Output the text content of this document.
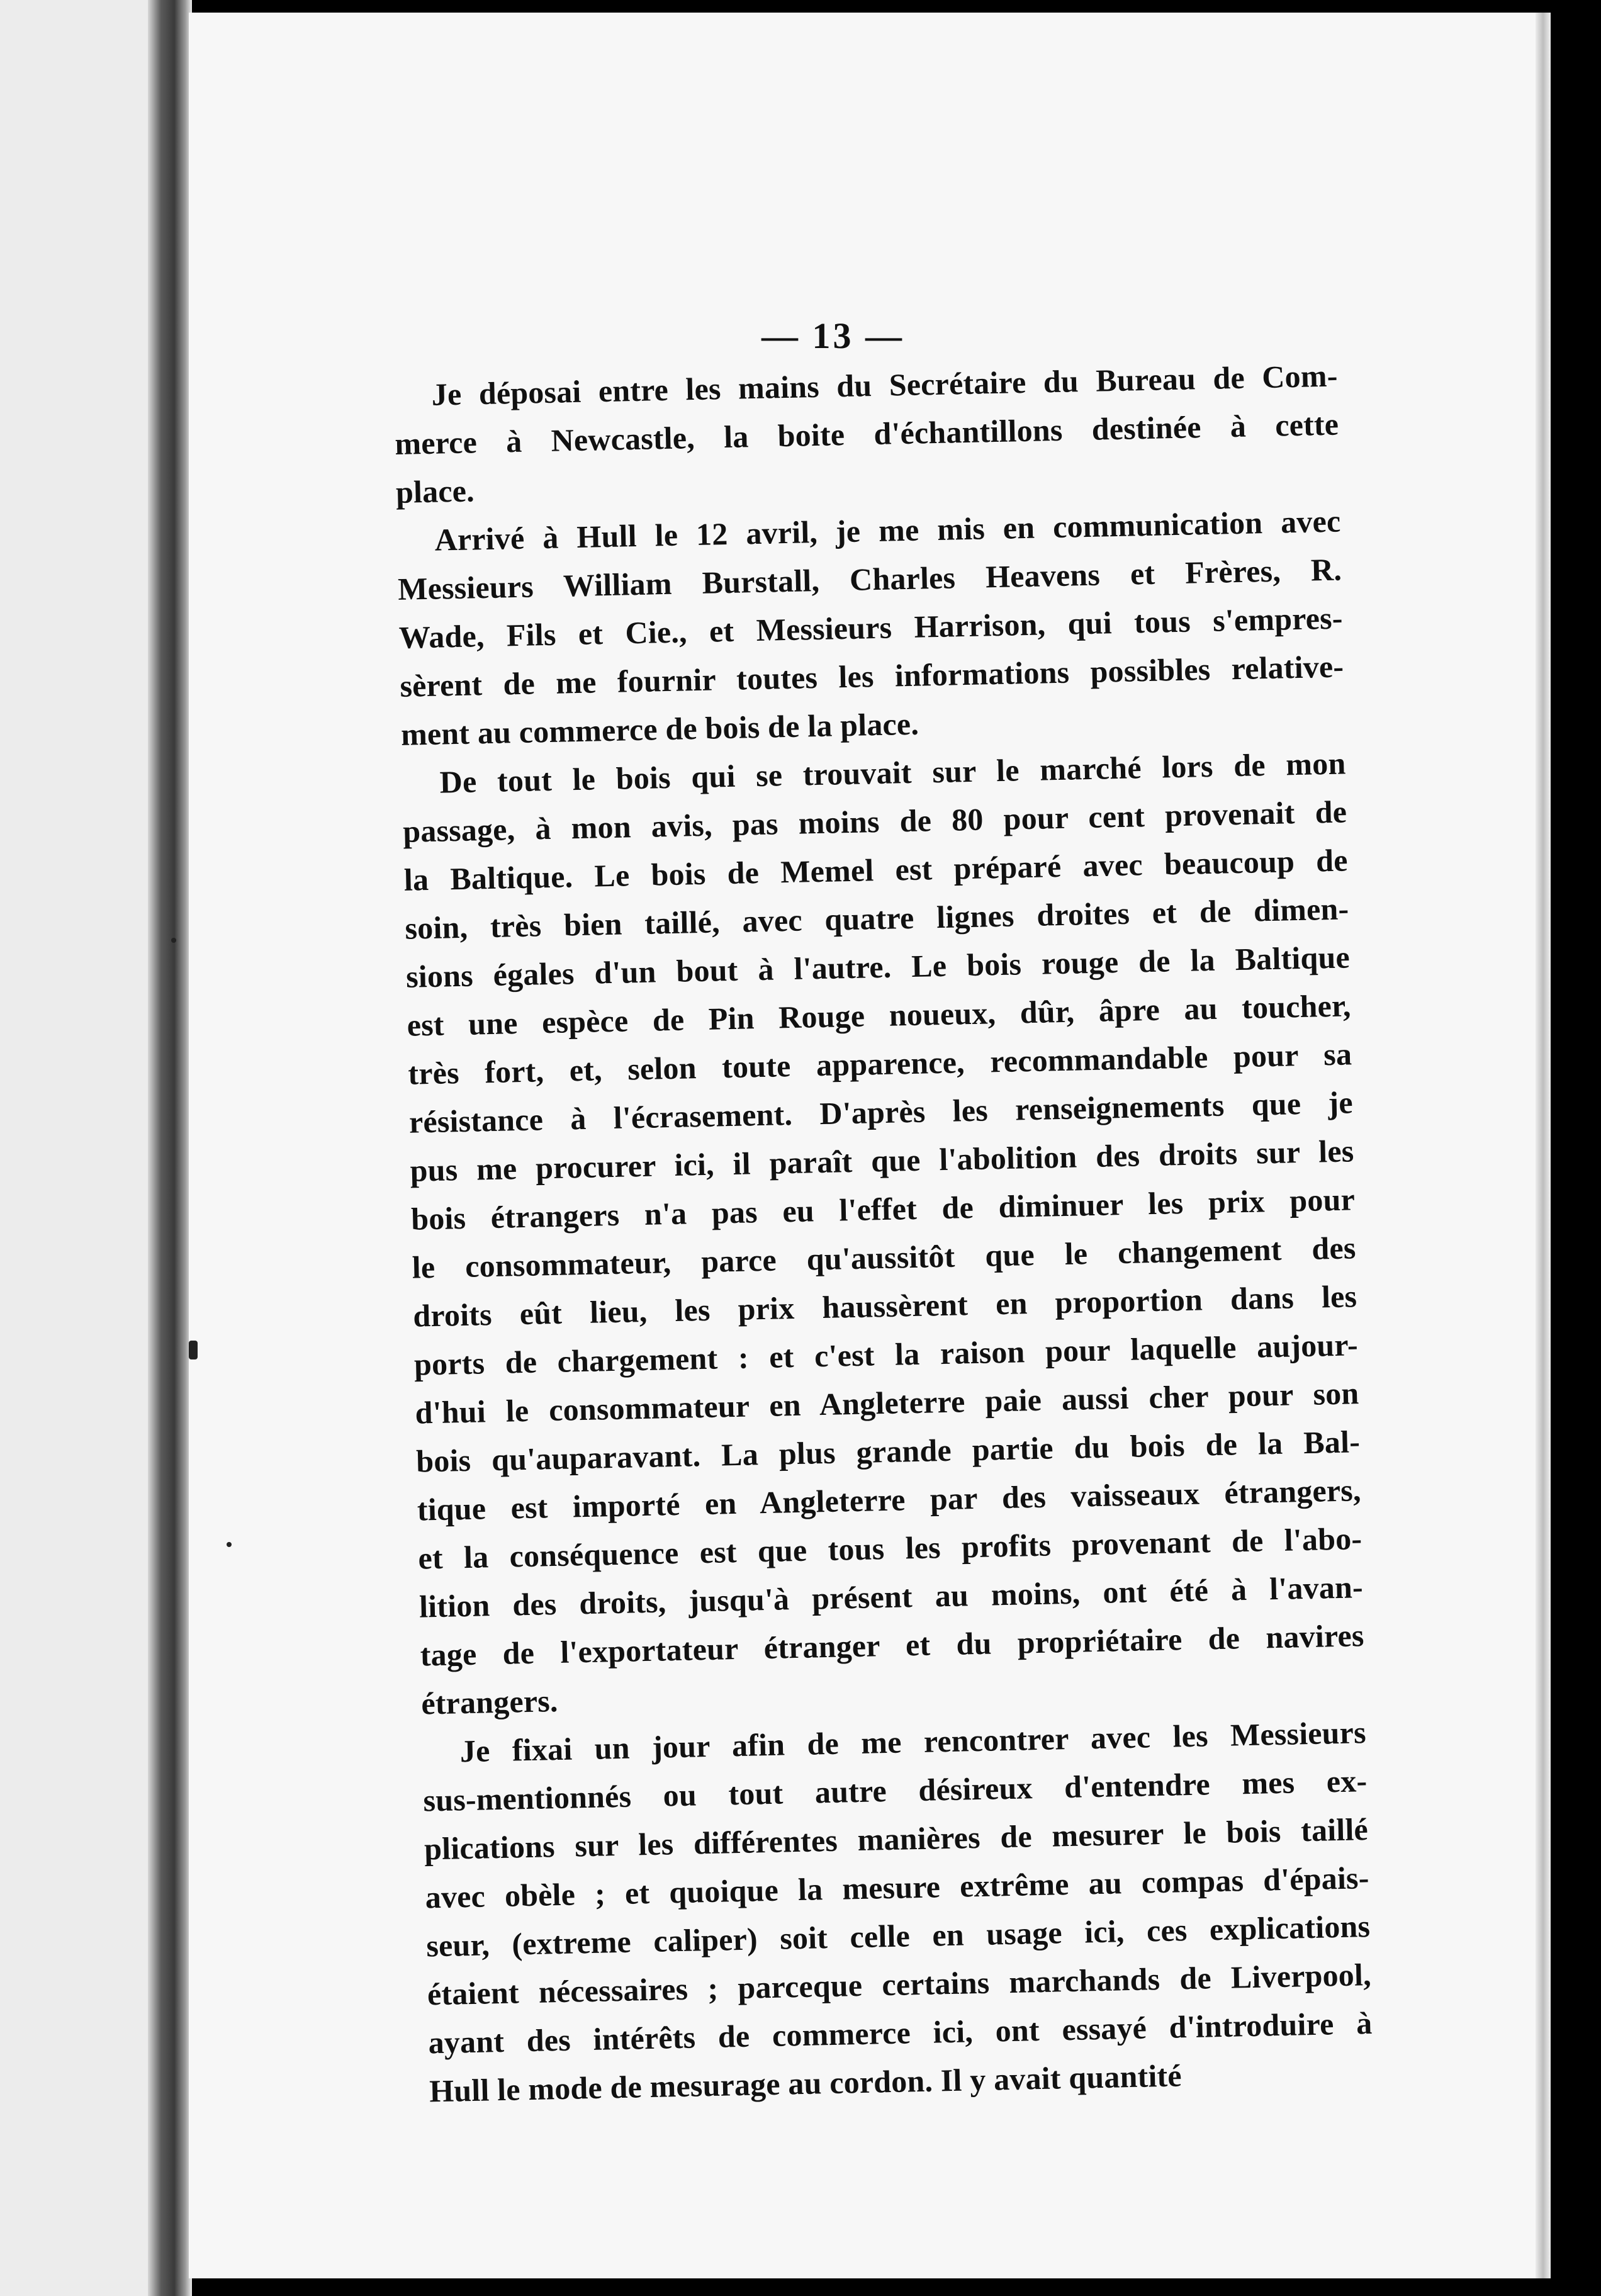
— 13 —

Je déposai entre les mains du Secrétaire du Bureau de Com-

merce à Newcastle, la boite d'échantillons destinée à cette

place.

Arrivé à Hull le 12 avril, je me mis en communication avec

Messieurs William Burstall, Charles Heavens et Frères, R.

Wade, Fils et Cie., et Messieurs Harrison, qui tous s'empres-

sèrent de me fournir toutes les informations possibles relative-

ment au commerce de bois de la place.

De tout le bois qui se trouvait sur le marché lors de mon

passage, à mon avis, pas moins de 80 pour cent provenait de

la Baltique. Le bois de Memel est préparé avec beaucoup de

soin, très bien taillé, avec quatre lignes droites et de dimen-

sions égales d'un bout à l'autre. Le bois rouge de la Baltique

est une espèce de Pin Rouge noueux, dûr, âpre au toucher,

très fort, et, selon toute apparence, recommandable pour sa

résistance à l'écrasement. D'après les renseignements que je

pus me procurer ici, il paraît que l'abolition des droits sur les

bois étrangers n'a pas eu l'effet de diminuer les prix pour

le consommateur, parce qu'aussitôt que le changement des

droits eût lieu, les prix haussèrent en proportion dans les

ports de chargement : et c'est la raison pour laquelle aujour-

d'hui le consommateur en Angleterre paie aussi cher pour son

bois qu'auparavant. La plus grande partie du bois de la Bal-

tique est importé en Angleterre par des vaisseaux étrangers,

et la conséquence est que tous les profits provenant de l'abo-

lition des droits, jusqu'à présent au moins, ont été à l'avan-

tage de l'exportateur étranger et du propriétaire de navires

étrangers.

Je fixai un jour afin de me rencontrer avec les Messieurs

sus-mentionnés ou tout autre désireux d'entendre mes ex-

plications sur les différentes manières de mesurer le bois taillé

avec obèle ; et quoique la mesure extrême au compas d'épais-

seur, (extreme caliper) soit celle en usage ici, ces explications

étaient nécessaires ; parceque certains marchands de Liverpool,

ayant des intérêts de commerce ici, ont essayé d'introduire à

Hull le mode de mesurage au cordon. Il y avait quantité
